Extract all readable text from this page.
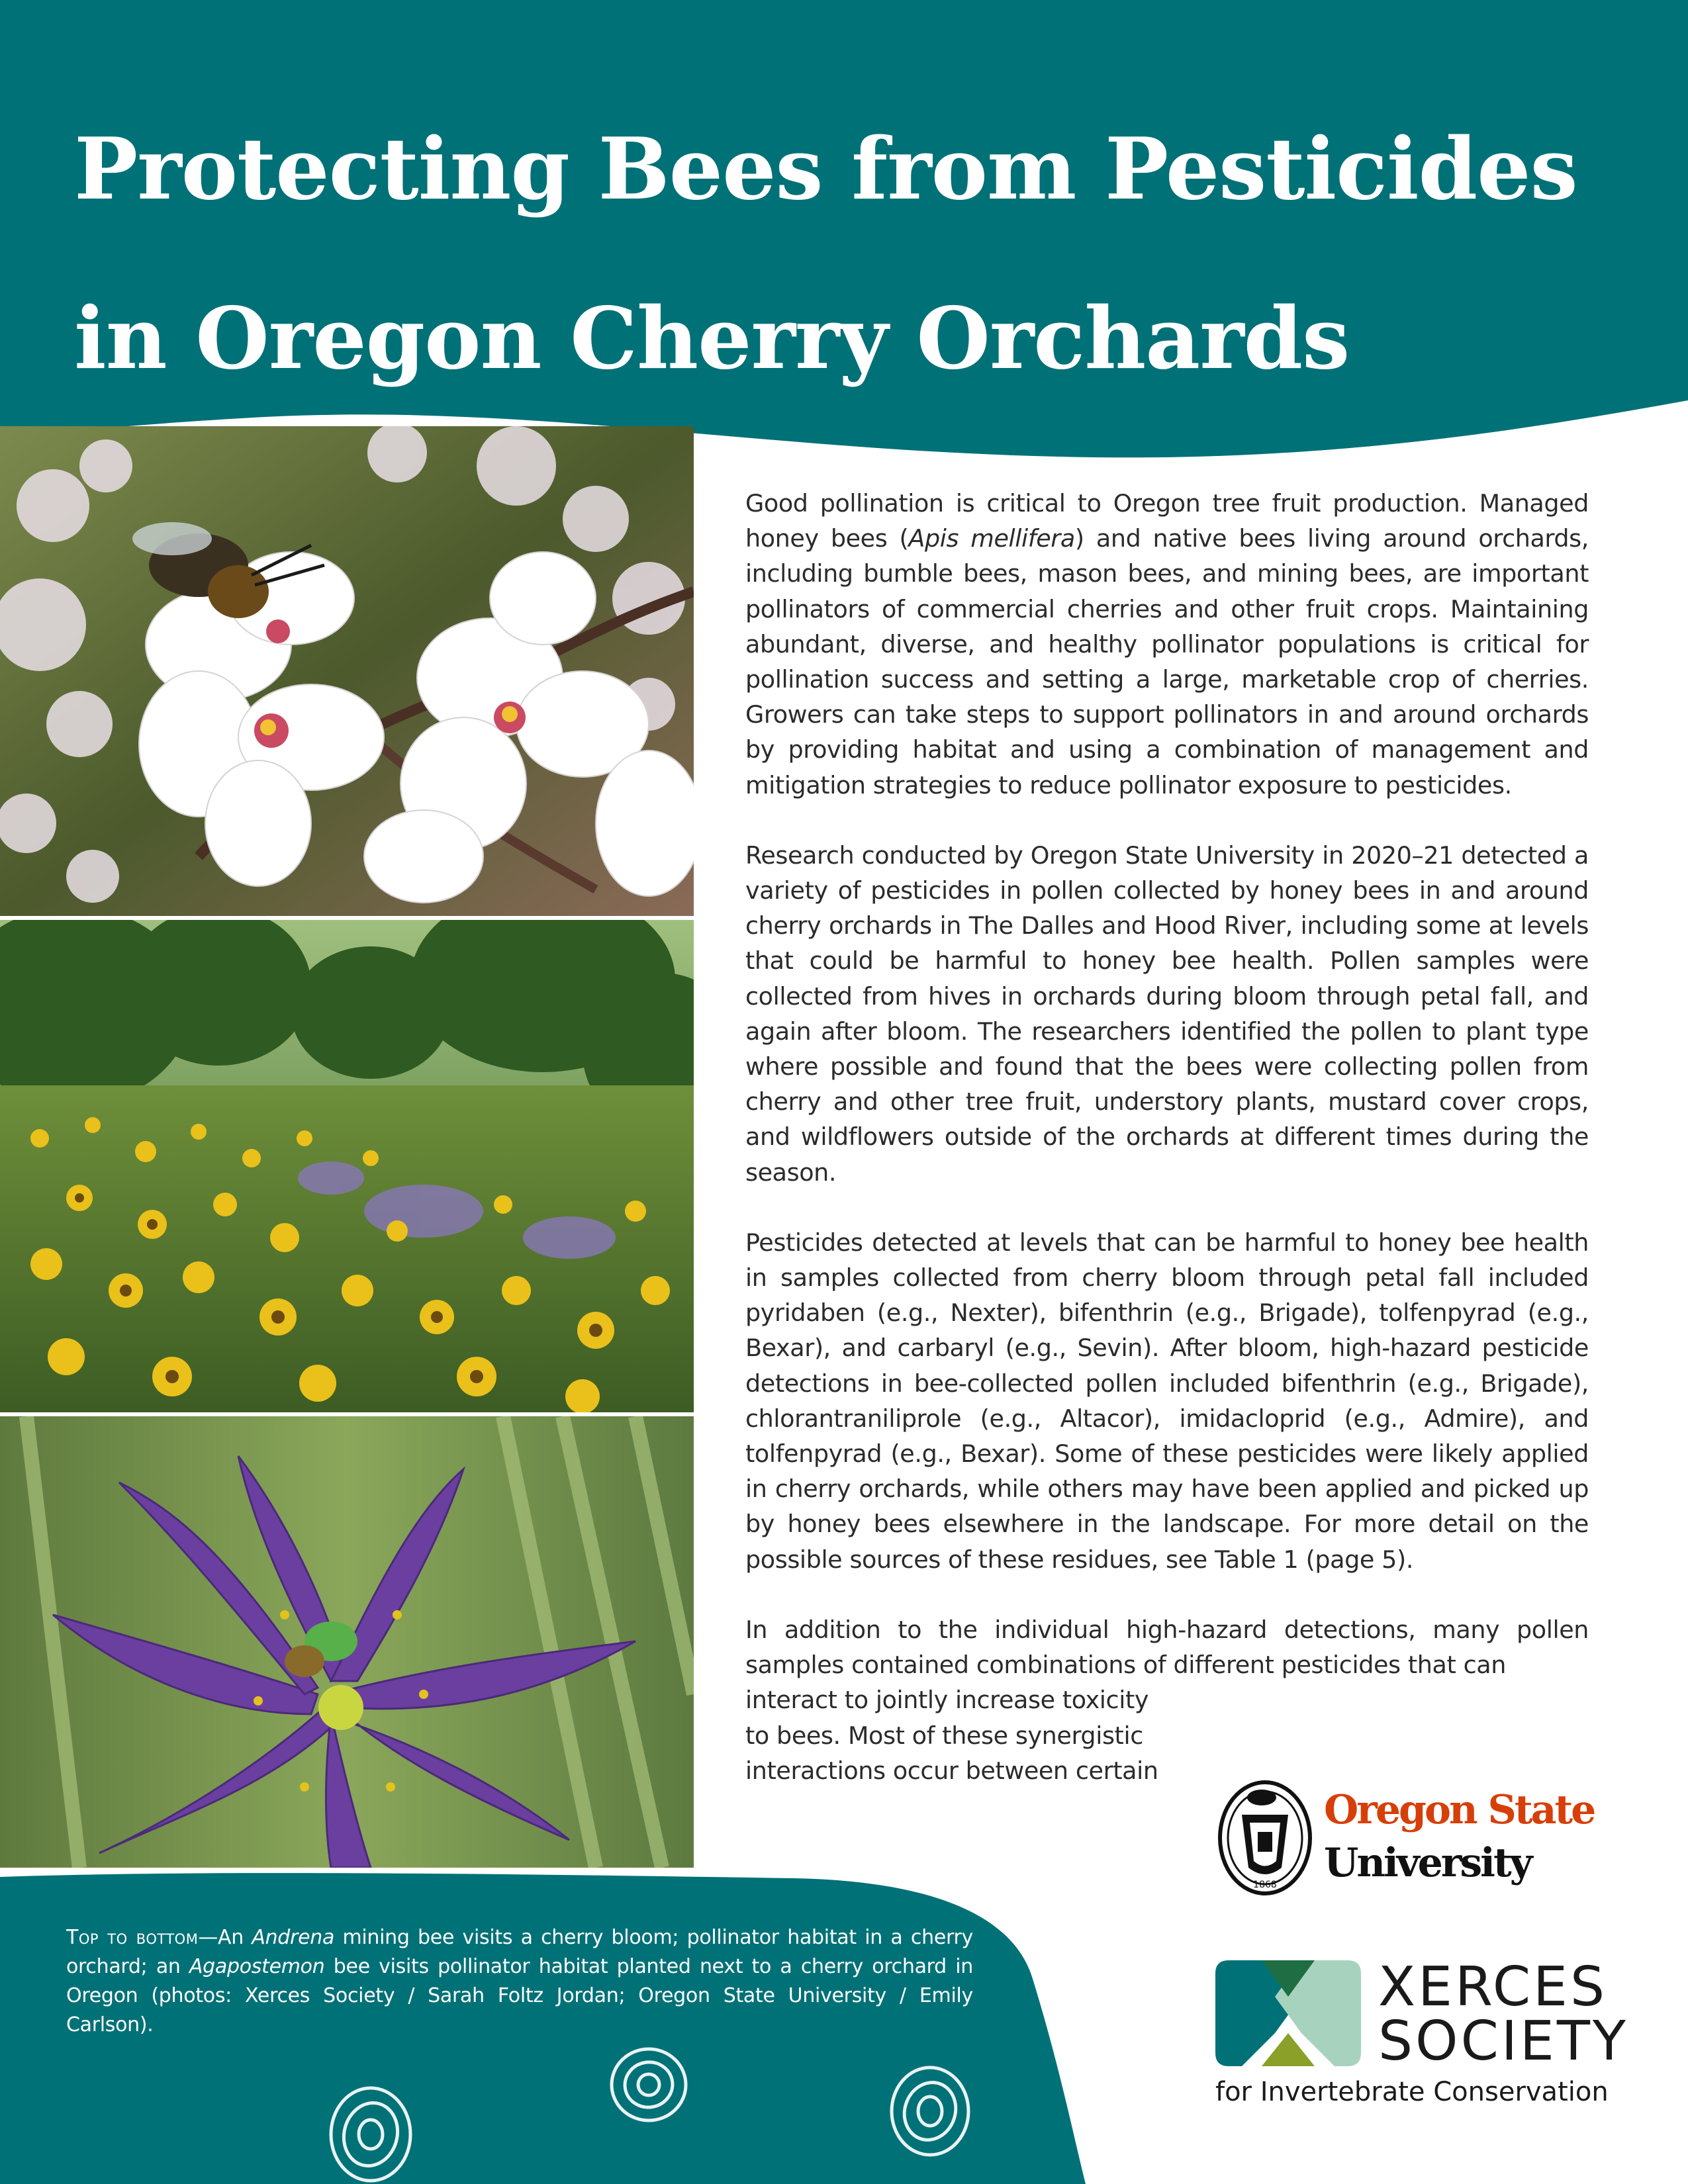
Protecting Bees from Pesticides
in Oregon Cherry Orchards

Good pollination is critical to Oregon tree fruit production. Managed honey bees (Apis mellifera) and native bees living around orchards, including bumble bees, mason bees, and mining bees, are important pollinators of commercial cherries and other fruit crops. Maintaining abundant, diverse, and healthy pollinator populations is critical for pollination success and setting a large, marketable crop of cherries. Growers can take steps to support pollinators in and around orchards by providing habitat and using a combination of management and mitigation strategies to reduce pollinator exposure to pesticides.

Research conducted by Oregon State University in 2020–21 detected a variety of pesticides in pollen collected by honey bees in and around cherry orchards in The Dalles and Hood River, including some at levels that could be harmful to honey bee health. Pollen samples were collected from hives in orchards during bloom through petal fall, and again after bloom. The researchers identified the pollen to plant type where possible and found that the bees were collecting pollen from cherry and other tree fruit, understory plants, mustard cover crops, and wildflowers outside of the orchards at different times during the season.

Pesticides detected at levels that can be harmful to honey bee health in samples collected from cherry bloom through petal fall included pyridaben (e.g., Nexter), bifenthrin (e.g., Brigade), tolfenpyrad (e.g., Bexar), and carbaryl (e.g., Sevin). After bloom, high-hazard pesticide detections in bee-collected pollen included bifenthrin (e.g., Brigade), chlorantraniliprole (e.g., Altacor), imidacloprid (e.g., Admire), and tolfenpyrad (e.g., Bexar). Some of these pesticides were likely applied in cherry orchards, while others may have been applied and picked up by honey bees elsewhere in the landscape. For more detail on the possible sources of these residues, see Table 1 (page 5).

In addition to the individual high-hazard detections, many pollen samples contained combinations of different pesticides that can
interact to jointly increase toxicity to bees. Most of these synergistic interactions occur between certain

Top to bottom—An Andrena mining bee visits a cherry bloom; pollinator habitat in a cherry orchard; an Agapostemon bee visits pollinator habitat planted next to a cherry orchard in Oregon (photos: Xerces Society / Sarah Foltz Jordan; Oregon State University / Emily Carlson).

1868
Oregon State
University
XERCES
SOCIETY
for Invertebrate Conservation
